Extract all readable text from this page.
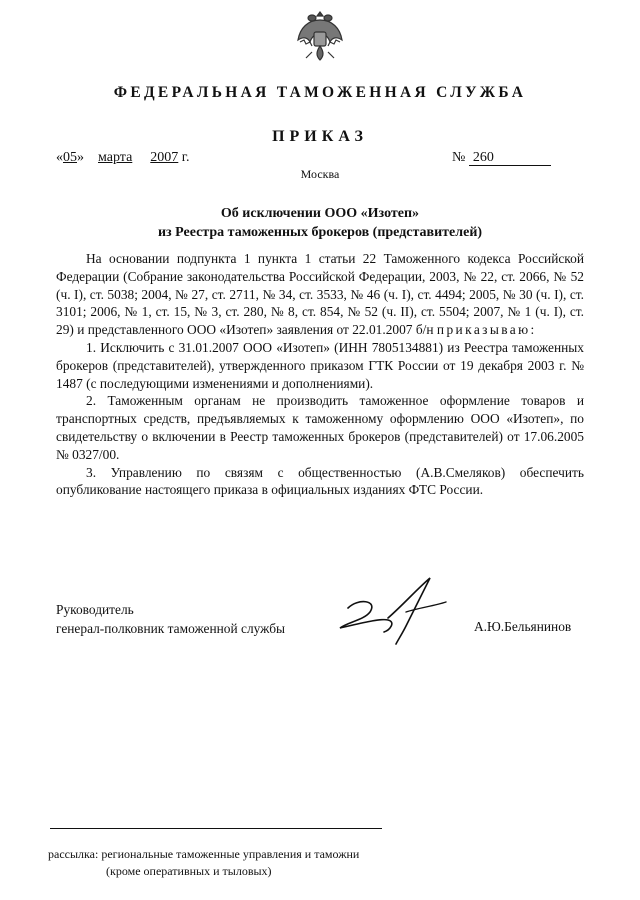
ФЕДЕРАЛЬНАЯ ТАМОЖЕННАЯ СЛУЖБА
ПРИКАЗ
«05» марта 2007 г.	№ 260
Москва
Об исключении ООО «Изотеп»
из Реестра таможенных брокеров (представителей)

На основании подпункта 1 пункта 1 статьи 22 Таможенного кодекса Российской Федерации (Собрание законодательства Российской Федерации, 2003, № 22, ст. 2066, № 52 (ч. I), ст. 5038; 2004, № 27, ст. 2711, № 34, ст. 3533, № 46 (ч. I), ст. 4494; 2005, № 30 (ч. I), ст. 3101; 2006, № 1, ст. 15, № 3, ст. 280, № 8, ст. 854, № 52 (ч. II), ст. 5504; 2007, № 1 (ч. I), ст. 29) и представленного ООО «Изотеп» заявления от 22.01.2007 б/н приказываю:

1. Исключить с 31.01.2007 ООО «Изотеп» (ИНН 7805134881) из Реестра таможенных брокеров (представителей), утвержденного приказом ГТК России от 19 декабря 2003 г. № 1487 (с последующими изменениями и дополнениями).

2. Таможенным органам не производить таможенное оформление товаров и транспортных средств, предъявляемых к таможенному оформлению ООО «Изотеп», по свидетельству о включении в Реестр таможенных брокеров (представителей) от 17.06.2005 № 0327/00.

3. Управлению по связям с общественностью (А.В.Смеляков) обеспечить опубликование настоящего приказа в официальных изданиях ФТС России.

Руководитель
генерал-полковник таможенной службы	А.Ю.Бельянинов
рассылка: региональные таможенные управления и таможни
(кроме оперативных и тыловых)
